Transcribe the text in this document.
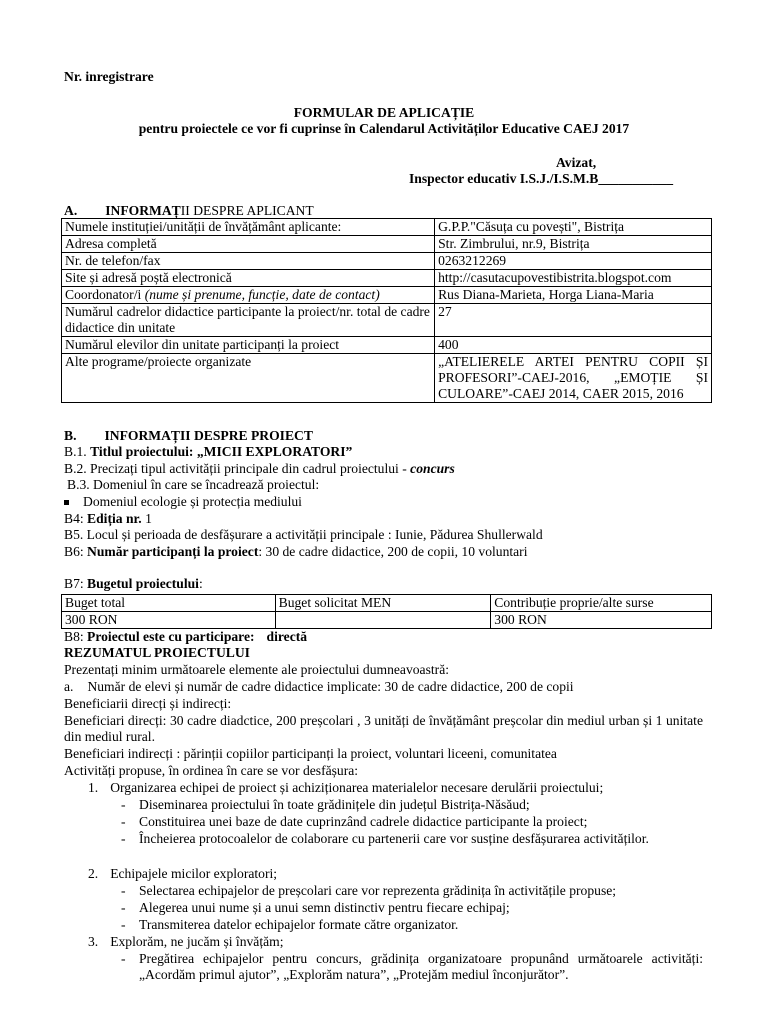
Nr. inregistrare
FORMULAR DE APLICAȚIE
pentru proiectele ce vor fi cuprinse în Calendarul Activităților Educative CAEJ 2017
Avizat,
Inspector educativ I.S.J./I.S.M.B___________
A. INFORMAȚII DESPRE APLICANT
Numele instituției/unității de învățământ aplicante:	G.P.P."Căsuța cu povești", Bistrița
Adresa completă	Str. Zimbrului, nr.9, Bistrița
Nr. de telefon/fax	0263212269
Site și adresă poștă electronică	http://casutacupovestibistrita.blogspot.com
Coordonator/i (nume și prenume, funcție, date de contact)	Rus Diana-Marieta, Horga Liana-Maria
Numărul cadrelor didactice participante la proiect/nr. total de cadre didactice din unitate	27
Numărul elevilor din unitate participanți la proiect	400
Alte programe/proiecte organizate	„ATELIERELE ARTEI PENTRU COPII ȘI PROFESORI”-CAEJ-2016, „EMOȚIE ȘI CULOARE”-CAEJ 2014, CAER 2015, 2016
B. INFORMAȚII DESPRE PROIECT
B.1. Titlul proiectului: „MICII EXPLORATORI”
B.2. Precizați tipul activității principale din cadrul proiectului - concurs
B.3. Domeniul în care se încadrează proiectul:
Domeniul ecologie și protecția mediului
B4: Ediția nr. 1
B5. Locul și perioada de desfășurare a activității principale : Iunie, Pădurea Shullerwald
B6: Număr participanți la proiect: 30 de cadre didactice, 200 de copii, 10 voluntari
B7: Bugetul proiectului:
Buget total	Buget solicitat MEN	Contribuție proprie/alte surse
300 RON		300 RON
B8: Proiectul este cu participare: directă
REZUMATUL PROIECTULUI
Prezentați minim următoarele elemente ale proiectului dumneavoastră:
a. Număr de elevi și număr de cadre didactice implicate: 30 de cadre didactice, 200 de copii
Beneficiarii direcți și indirecți:
Beneficiari direcți: 30 cadre diadctice, 200 preșcolari , 3 unități de învățământ preșcolar din mediul urban și 1 unitate din mediul rural.
Beneficiari indirecți : părinții copiilor participanți la proiect, voluntari liceeni, comunitatea
Activități propuse, în ordinea în care se vor desfășura:
1. Organizarea echipei de proiect și achiziționarea materialelor necesare derulării proiectului;
- Diseminarea proiectului în toate grădinițele din județul Bistrița-Năsăud;
- Constituirea unei baze de date cuprinzând cadrele didactice participante la proiect;
- Încheierea protocoalelor de colaborare cu partenerii care vor susține desfășurarea activităților.
2. Echipajele micilor exploratori;
- Selectarea echipajelor de preșcolari care vor reprezenta grădinița în activitățile propuse;
- Alegerea unui nume și a unui semn distinctiv pentru fiecare echipaj;
- Transmiterea datelor echipajelor formate către organizator.
3. Explorăm, ne jucăm și învățăm;
- Pregătirea echipajelor pentru concurs, grădinița organizatoare propunând următoarele activități: „Acordăm primul ajutor”, „Explorăm natura”, „Protejăm mediul înconjurător”.
